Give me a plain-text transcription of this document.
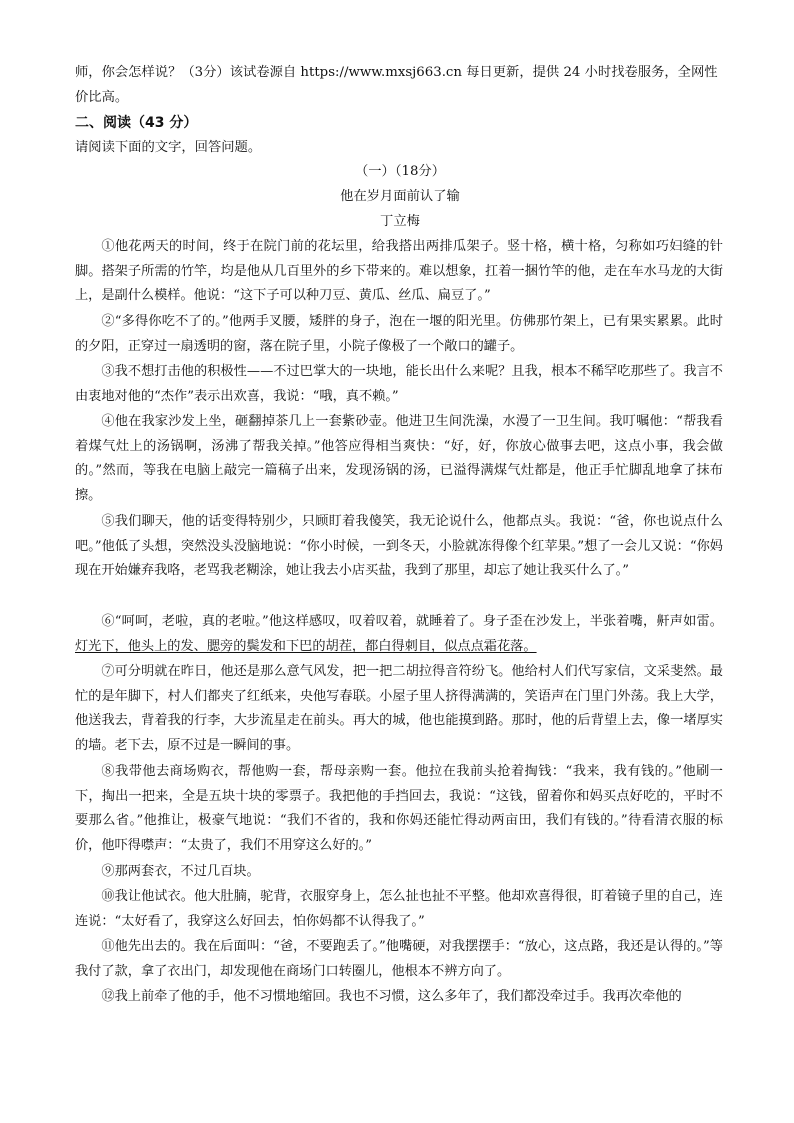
师，你会怎样说？（3分）该试卷源自 https://www.mxsj663.cn 每日更新，提供 24 小时找卷服务，全网性
价比高。
二、阅读（43 分）
请阅读下面的文字，回答问题。
（一）（18分）
他在岁月面前认了输
丁立梅
①他花两天的时间，终于在院门前的花坛里，给我搭出两排瓜架子。竖十格，横十格，匀称如巧妇缝的针脚。搭架子所需的竹竿，均是他从几百里外的乡下带来的。难以想象，扛着一捆竹竿的他，走在车水马龙的大街上，是副什么模样。他说：“这下子可以种刀豆、黄瓜、丝瓜、扁豆了。”
②“多得你吃不了的。”他两手叉腰，矮胖的身子，泡在一堰的阳光里。仿佛那竹架上，已有果实累累。此时的夕阳，正穿过一扇透明的窗，落在院子里，小院子像极了一个敞口的罐子。
③我不想打击他的积极性——不过巴掌大的一块地，能长出什么来呢？且我，根本不稀罕吃那些了。我言不由衷地对他的“杰作”表示出欢喜，我说：“哦，真不赖。”
④他在我家沙发上坐，砸翻掉茶几上一套紫砂壶。他进卫生间洗澡，水漫了一卫生间。我叮嘱他：“帮我看着煤气灶上的汤锅啊，汤沸了帮我关掉。”他答应得相当爽快：“好，好，你放心做事去吧，这点小事，我会做的。”然而，等我在电脑上敲完一篇稿子出来，发现汤锅的汤，已溢得满煤气灶都是，他正手忙脚乱地拿了抹布擦。
⑤我们聊天，他的话变得特别少，只顾盯着我傻笑，我无论说什么，他都点头。我说：“爸，你也说点什么吧。”他低了头想，突然没头没脑地说：“你小时候，一到冬天，小脸就冻得像个红苹果。”想了一会儿又说：“你妈现在开始嫌弃我咯，老骂我老糊涂，她让我去小店买盐，我到了那里，却忘了她让我买什么了。”
⑥“呵呵，老啦，真的老啦。”他这样感叹，叹着叹着，就睡着了。身子歪在沙发上，半张着嘴，鼾声如雷。灯光下，他头上的发、腮旁的鬓发和下巴的胡茬，都白得刺目，似点点霜花落。
⑦可分明就在昨日，他还是那么意气风发，把一把二胡拉得音符纷飞。他给村人们代写家信，文采斐然。最忙的是年脚下，村人们都夹了红纸来，央他写春联。小屋子里人挤得满满的，笑语声在门里门外荡。我上大学，他送我去，背着我的行李，大步流星走在前头。再大的城，他也能摸到路。那时，他的后背望上去，像一堵厚实的墙。老下去，原不过是一瞬间的事。
⑧我带他去商场购衣，帮他购一套，帮母亲购一套。他拉在我前头抢着掏钱：“我来，我有钱的。”他刷一下，掏出一把来，全是五块十块的零票子。我把他的手挡回去，我说：“这钱，留着你和妈买点好吃的，平时不要那么省。”他推让，极豪气地说：“我们不省的，我和你妈还能忙得动两亩田，我们有钱的。”待看清衣服的标价，他吓得噤声：“太贵了，我们不用穿这么好的。”
⑨那两套衣，不过几百块。
⑩我让他试衣。他大肚腩，驼背，衣服穿身上，怎么扯也扯不平整。他却欢喜得很，盯着镜子里的自己，连连说：“太好看了，我穿这么好回去，怕你妈都不认得我了。”
⑪他先出去的。我在后面叫：“爸，不要跑丢了。”他嘴硬，对我摆摆手：“放心，这点路，我还是认得的。”等我付了款，拿了衣出门，却发现他在商场门口转圈儿，他根本不辨方向了。
⑫我上前牵了他的手，他不习惯地缩回。我也不习惯，这么多年了，我们都没牵过手。我再次牵他的
